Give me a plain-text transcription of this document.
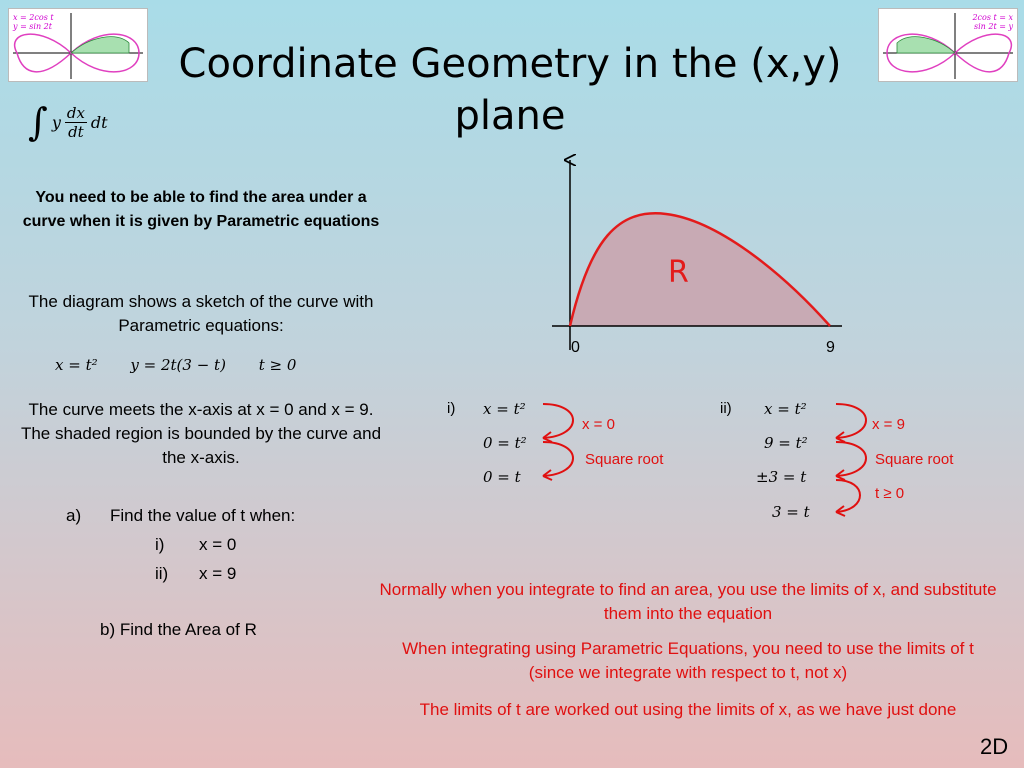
x = 2cos t
y = sin 2t
2cos t = x
sin 2t = y
Coordinate Geometry in the (x,y) plane
∫ y $\frac{dx}{dt}$ dt
You need to be able to find the area under a curve when it is given by Parametric equations
The diagram shows a sketch of the curve with Parametric equations:
x = t² y = 2t(3 − t) t ≥ 0
The curve meets the x-axis at x = 0 and x = 9. The shaded region is bounded by the curve and the x-axis.
a) Find the value of t when:
i) x = 0
ii) x = 9
b) Find the Area of R
R
0	9
i) x = t²
0 = t²
0 = t
x = 0
Square root
ii) x = t²
9 = t²
±3 = t
3 = t
x = 9
Square root
t ≥ 0
Normally when you integrate to find an area, you use the limits of x, and substitute them into the equation
When integrating using Parametric Equations, you need to use the limits of t (since we integrate with respect to t, not x)
The limits of t are worked out using the limits of x, as we have just done
2D
